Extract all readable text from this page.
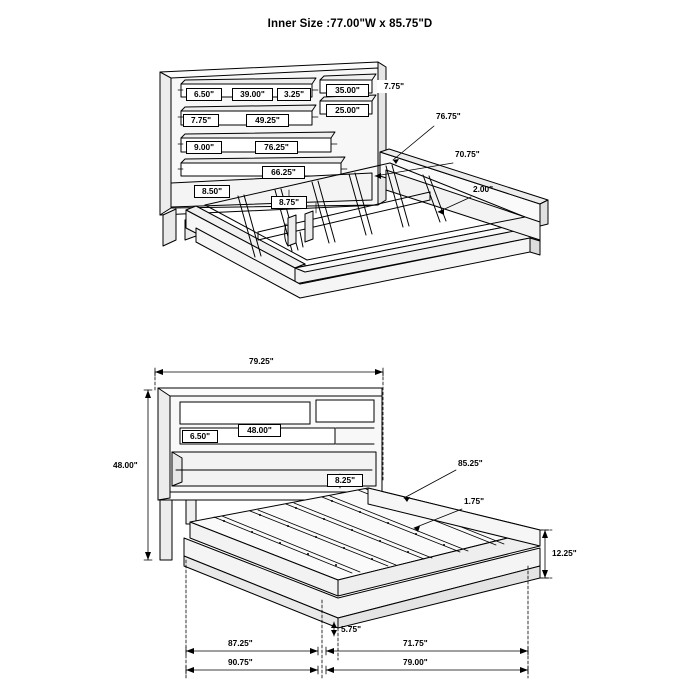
Inner Size :77.00"W x 85.75"D
6.50"	39.00"	3.25"	35.00"	7.75"
25.00"
7.75"	49.25"
9.00"	76.25"
66.25"
8.50"
8.75"
76.75"
70.75"
2.00"
79.25"
6.50"
48.00"
48.00"
8.25"
85.25"
1.75"
12.25"
5.75"
87.25"	71.75"
90.75"	79.00"
